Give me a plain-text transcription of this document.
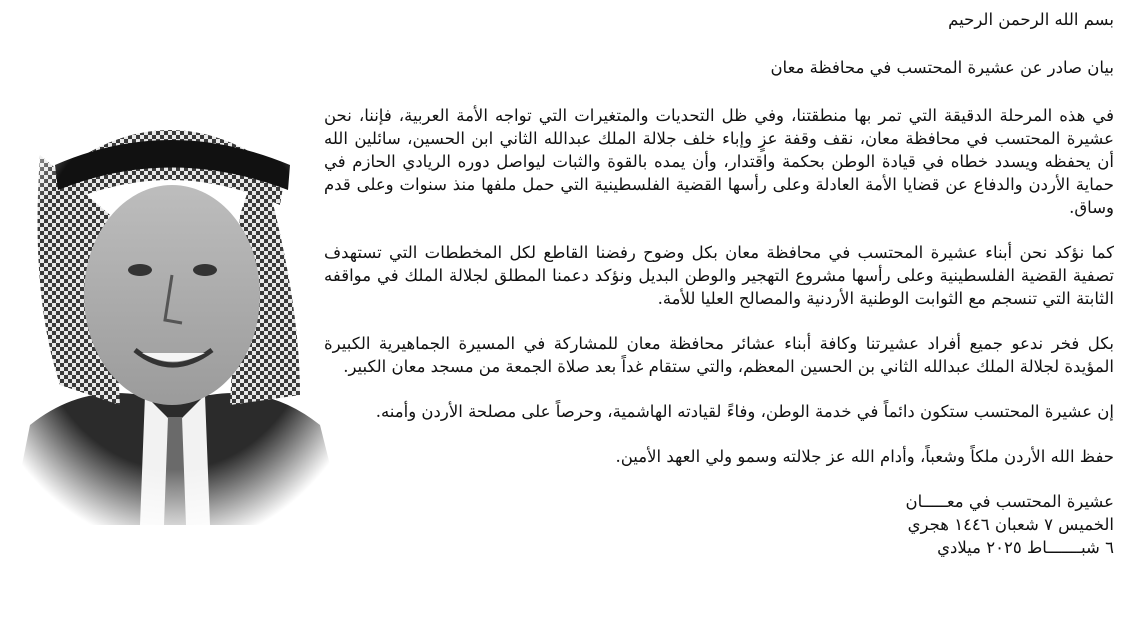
بسم الله الرحمن الرحيم

بيان صادر عن عشيرة المحتسب في محافظة معان

في هذه المرحلة الدقيقة التي تمر بها منطقتنا، وفي ظل التحديات والمتغيرات التي تواجه الأمة العربية، فإننا، نحن عشيرة المحتسب في محافظة معان، نقف وقفة عزٍ وإباء خلف جلالة الملك عبدالله الثاني ابن الحسين، سائلين الله أن يحفظه ويسدد خطاه في قيادة الوطن بحكمة واقتدار، وأن يمده بالقوة والثبات ليواصل دوره الريادي الحازم في حماية الأردن والدفاع عن قضايا الأمة العادلة وعلى رأسها القضية الفلسطينية التي حمل ملفها منذ سنوات وعلى قدم وساق.

كما نؤكد نحن أبناء عشيرة المحتسب في محافظة معان بكل وضوح رفضنا القاطع لكل المخططات التي تستهدف تصفية القضية الفلسطينية وعلى رأسها مشروع التهجير والوطن البديل ونؤكد دعمنا المطلق لجلالة الملك في مواقفه الثابتة التي تنسجم مع الثوابت الوطنية الأردنية والمصالح العليا للأمة.

بكل فخر ندعو جميع أفراد عشيرتنا وكافة أبناء عشائر محافظة معان للمشاركة في المسيرة الجماهيرية الكبيرة المؤيدة لجلالة الملك عبدالله الثاني بن الحسين المعظم، والتي ستقام غداً بعد صلاة الجمعة من مسجد معان الكبير.

إن عشيرة المحتسب ستكون دائماً في خدمة الوطن، وفاءً لقيادته الهاشمية، وحرصاً على مصلحة الأردن وأمنه.

حفظ الله الأردن ملكاً وشعباً، وأدام الله عز جلالته وسمو ولي العهد الأمين.

عشيرة المحتسب في معـــــان
الخميس ٧ شعبان ١٤٤٦ هجري
٦ شبـــــــاط ٢٠٢٥ ميلادي
